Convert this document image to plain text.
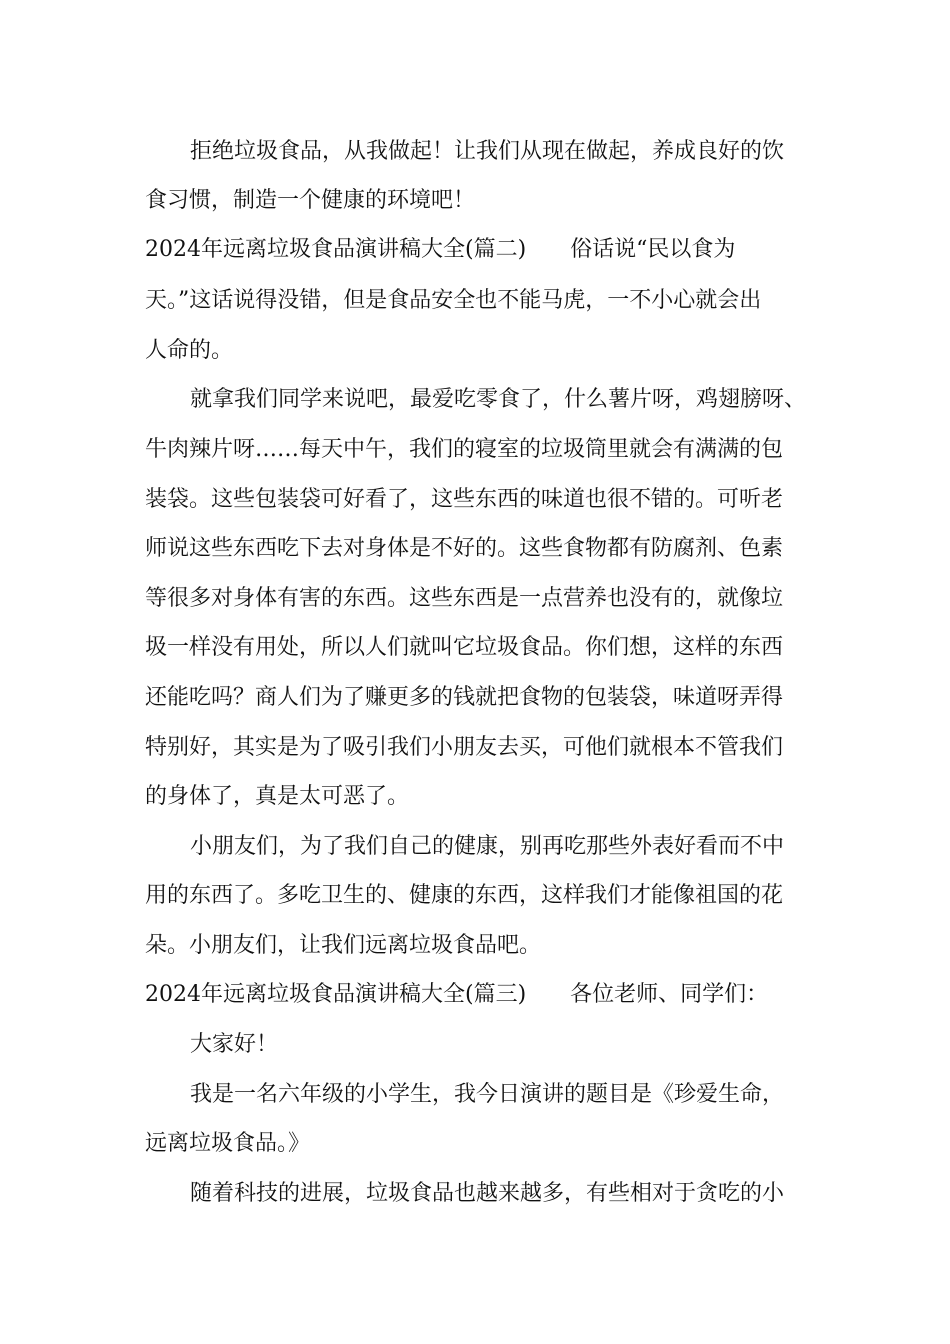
拒绝垃圾食品，从我做起！让我们从现在做起，养成良好的饮

食习惯，制造一个健康的环境吧！

2024年远离垃圾食品演讲稿大全(篇二)　　俗话说“民以食为

天。”这话说得没错，但是食品安全也不能马虎，一不小心就会出

人命的。

就拿我们同学来说吧，最爱吃零食了，什么薯片呀，鸡翅膀呀、

牛肉辣片呀……每天中午，我们的寝室的垃圾筒里就会有满满的包

装袋。这些包装袋可好看了，这些东西的味道也很不错的。可听老

师说这些东西吃下去对身体是不好的。这些食物都有防腐剂、色素

等很多对身体有害的东西。这些东西是一点营养也没有的，就像垃

圾一样没有用处，所以人们就叫它垃圾食品。你们想，这样的东西

还能吃吗？商人们为了赚更多的钱就把食物的包装袋，味道呀弄得

特别好，其实是为了吸引我们小朋友去买，可他们就根本不管我们

的身体了，真是太可恶了。

小朋友们，为了我们自己的健康，别再吃那些外表好看而不中

用的东西了。多吃卫生的、健康的东西，这样我们才能像祖国的花

朵。小朋友们，让我们远离垃圾食品吧。

2024年远离垃圾食品演讲稿大全(篇三)　　各位老师、同学们：

大家好！

我是一名六年级的小学生，我今日演讲的题目是《珍爱生命，

远离垃圾食品。》

随着科技的进展，垃圾食品也越来越多，有些相对于贪吃的小
